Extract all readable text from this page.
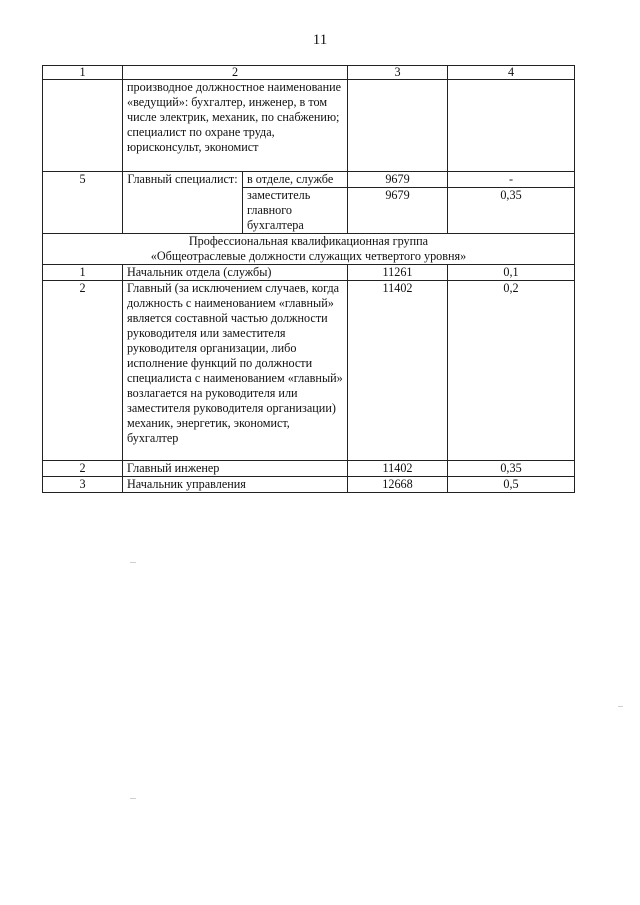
11
1	2		3	4
	производное должностное наименование «ведущий»: бухгалтер, инженер, в том числе электрик, механик, по снабжению; специалист по охране труда, юрисконсульт, экономист			
5	Главный специалист:	в отделе, службе	9679	-
		заместитель главного бухгалтера	9679	0,35

Профессиональная квалификационная группа
«Общеотраслевые должности служащих четвертого уровня»				

1	Начальник отдела (службы)		11261	0,1
2	Главный (за исключением случаев, когда должность с наименованием «главный» является составной частью должности руководителя или заместителя руководителя организации, либо исполнение функций по должности специалиста с наименованием «главный» возлагается на руководителя или заместителя руководителя организации) механик, энергетик, экономист, бухгалтер		11402	0,2
2	Главный инженер		11402	0,35
3	Начальник управления		12668	0,5
